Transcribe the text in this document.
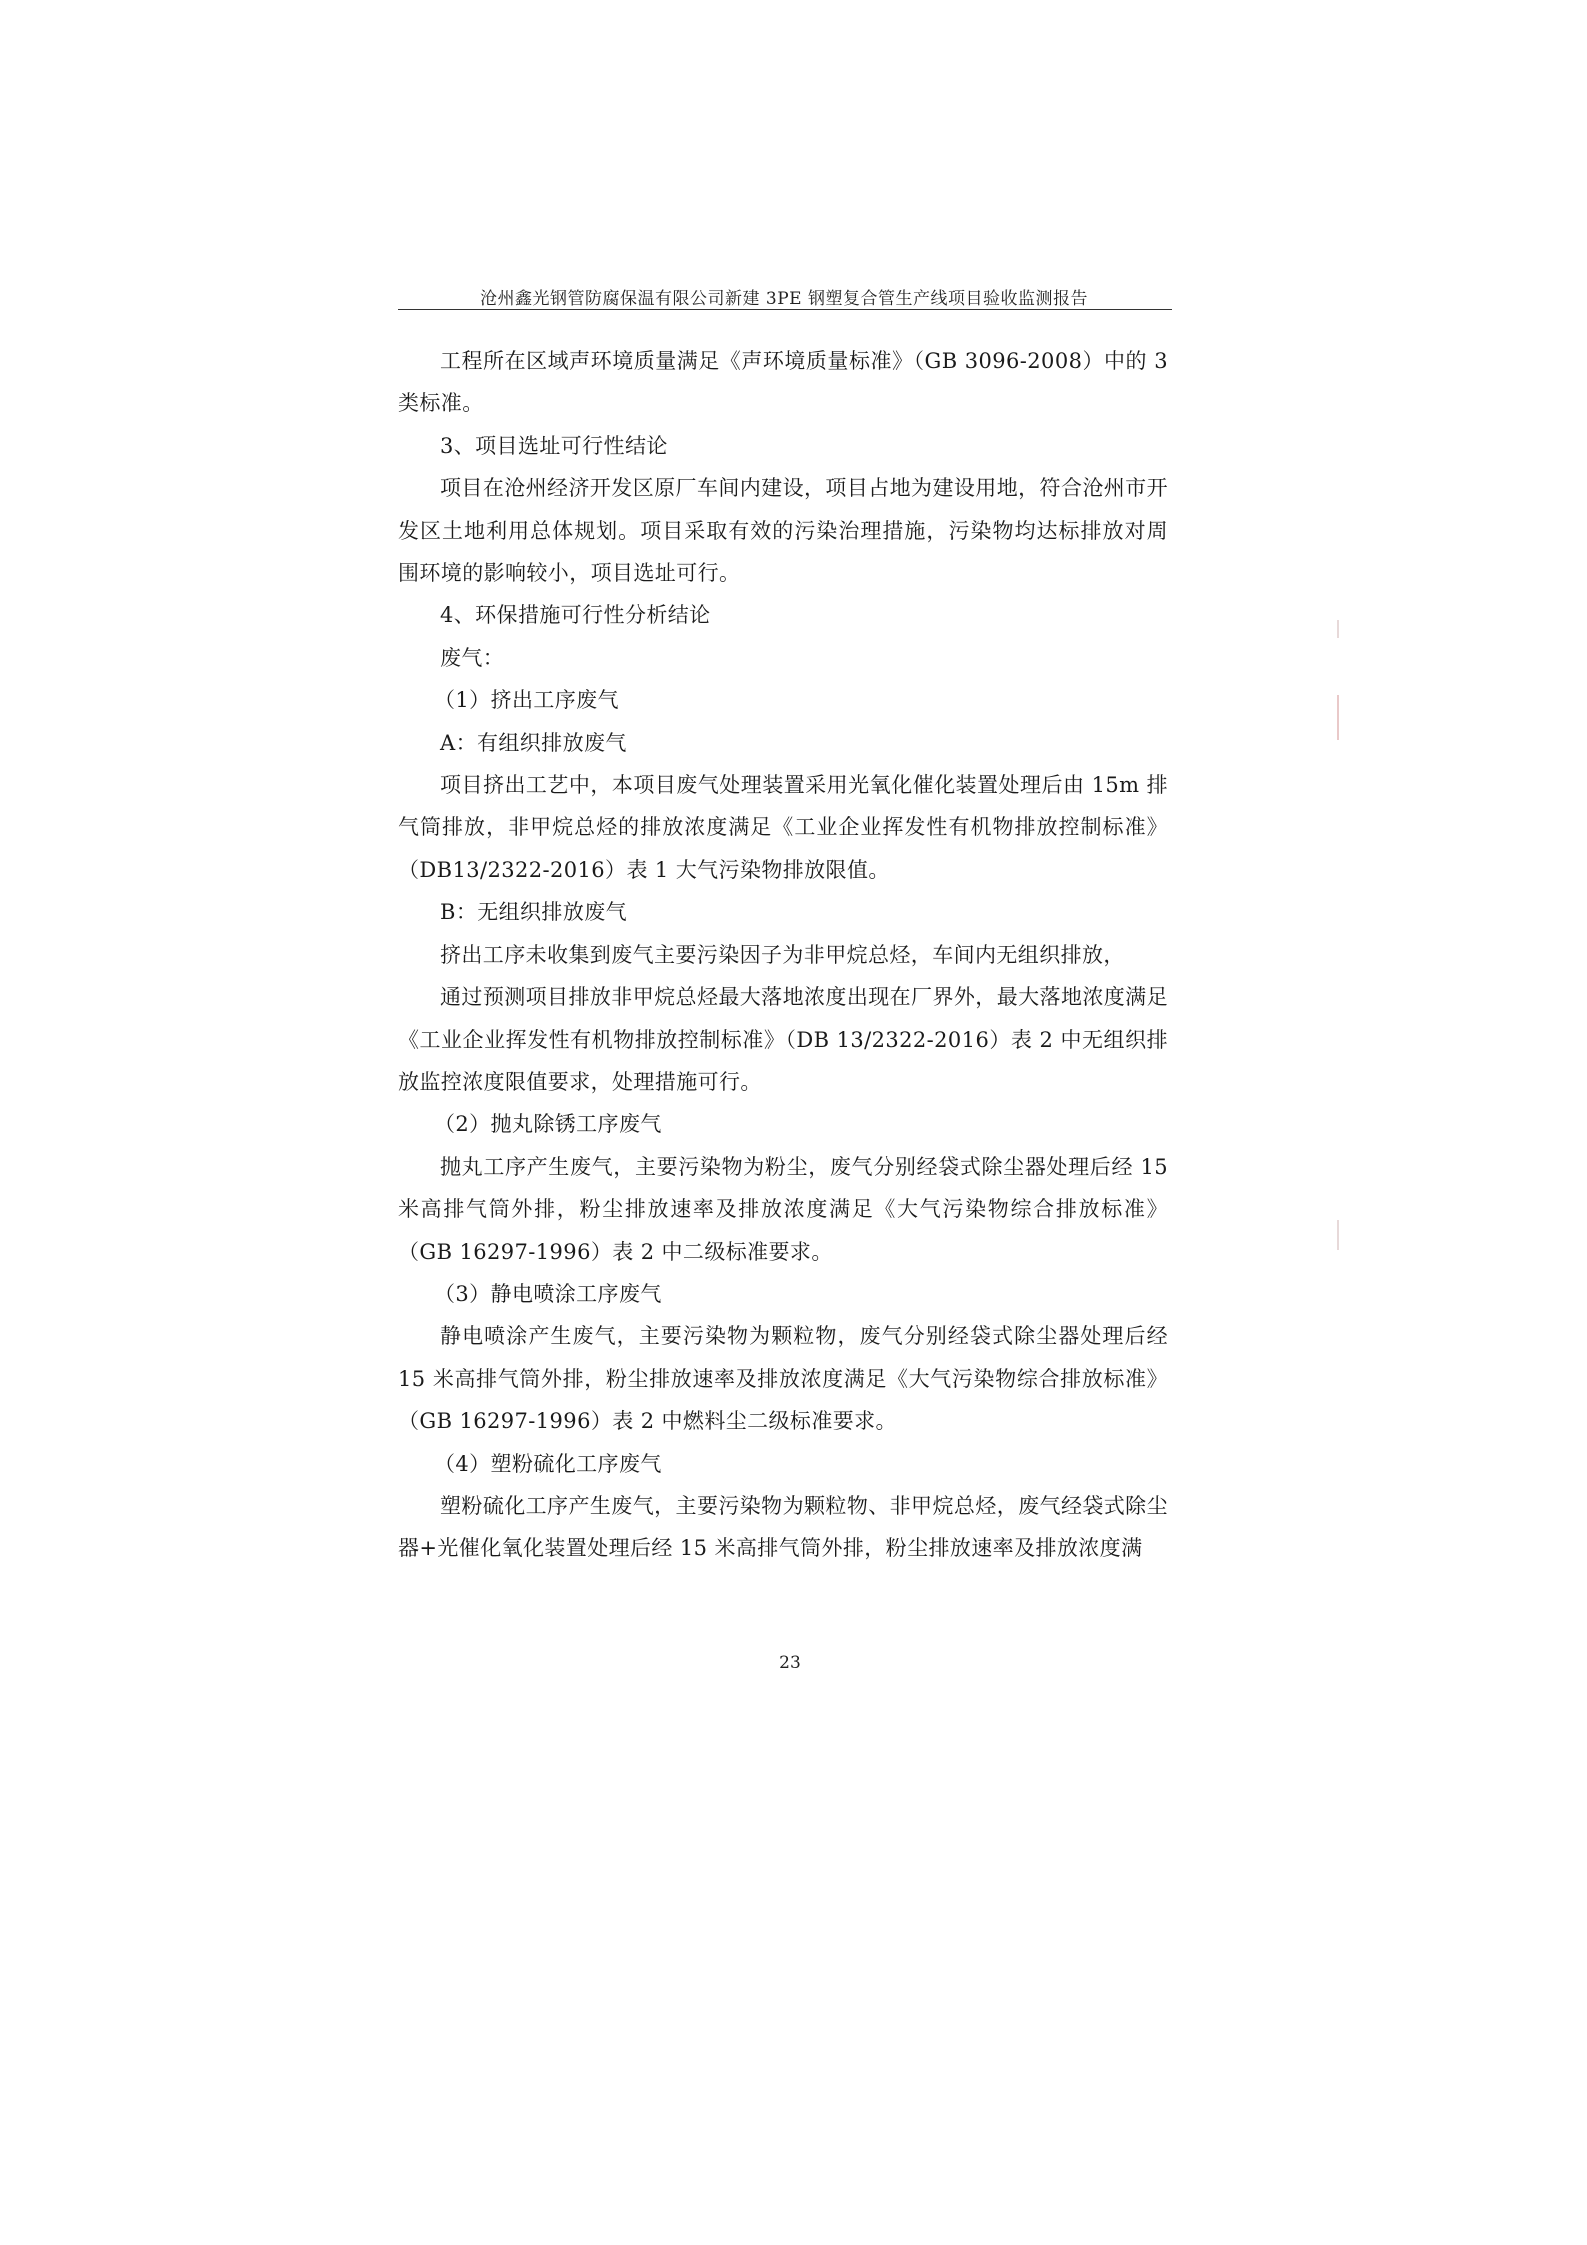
沧州鑫光钢管防腐保温有限公司新建 3PE 钢塑复合管生产线项目验收监测报告

工程所在区域声环境质量满足《声环境质量标准》（GB 3096-2008）中的 3 类标准。

3、项目选址可行性结论

项目在沧州经济开发区原厂车间内建设，项目占地为建设用地，符合沧州市开发区土地利用总体规划。项目采取有效的污染治理措施，污染物均达标排放对周围环境的影响较小，项目选址可行。

4、环保措施可行性分析结论

废气：

（1）挤出工序废气

A：有组织排放废气

项目挤出工艺中，本项目废气处理装置采用光氧化催化装置处理后由 15m 排气筒排放，非甲烷总烃的排放浓度满足《工业企业挥发性有机物排放控制标准》（DB13/2322-2016）表 1 大气污染物排放限值。

B：无组织排放废气

挤出工序未收集到废气主要污染因子为非甲烷总烃，车间内无组织排放，

通过预测项目排放非甲烷总烃最大落地浓度出现在厂界外，最大落地浓度满足《工业企业挥发性有机物排放控制标准》（DB 13/2322-2016）表 2 中无组织排放监控浓度限值要求，处理措施可行。

（2）抛丸除锈工序废气

抛丸工序产生废气，主要污染物为粉尘，废气分别经袋式除尘器处理后经 15 米高排气筒外排，粉尘排放速率及排放浓度满足《大气污染物综合排放标准》（GB 16297-1996）表 2 中二级标准要求。

（3）静电喷涂工序废气

静电喷涂产生废气，主要污染物为颗粒物，废气分别经袋式除尘器处理后经 15 米高排气筒外排，粉尘排放速率及排放浓度满足《大气污染物综合排放标准》（GB 16297-1996）表 2 中燃料尘二级标准要求。

（4）塑粉硫化工序废气

塑粉硫化工序产生废气，主要污染物为颗粒物、非甲烷总烃，废气经袋式除尘器+光催化氧化装置处理后经 15 米高排气筒外排，粉尘排放速率及排放浓度满

23
